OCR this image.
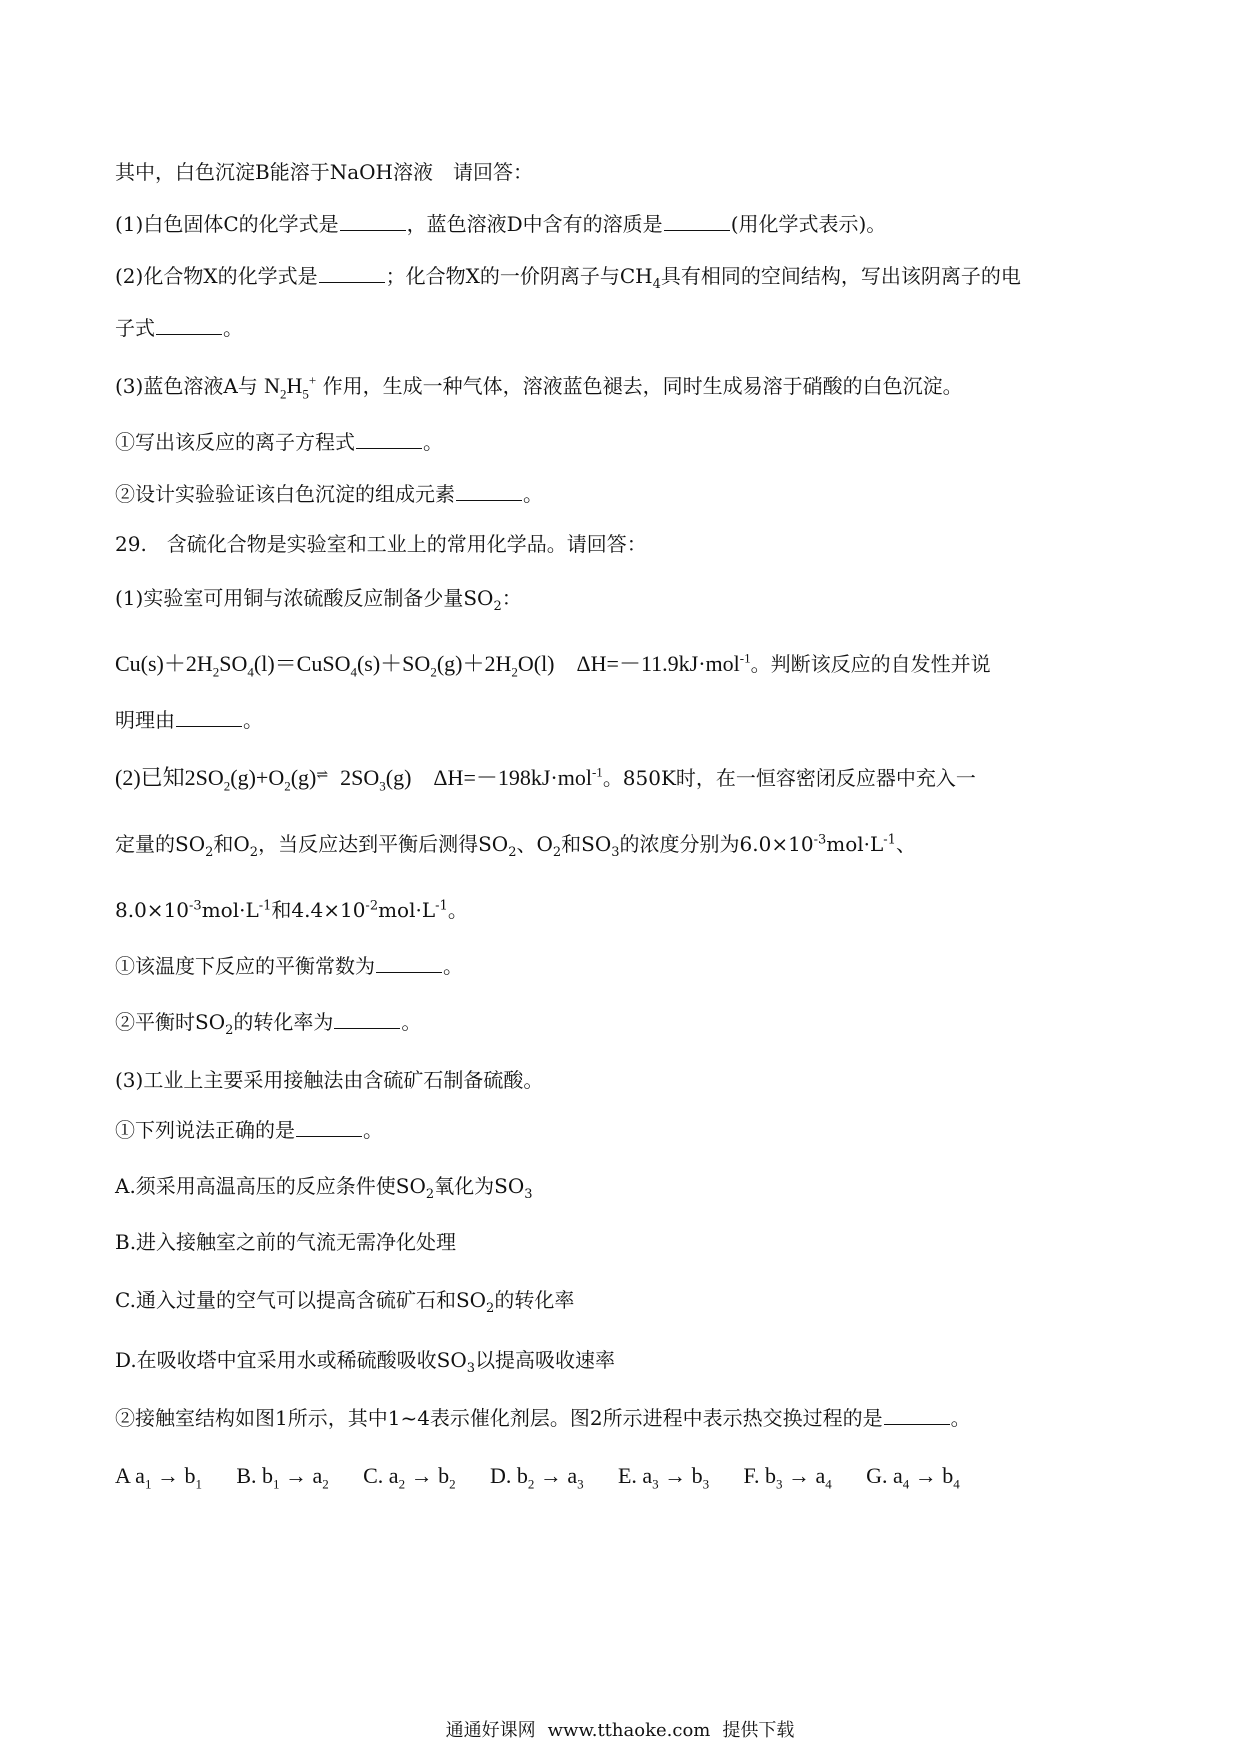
其中，白色沉淀B能溶于NaOH溶液　请回答：
(1)白色固体C的化学式是	，蓝色溶液D中含有的溶质是	(用化学式表示)。
(2)化合物X的化学式是	；化合物X的一价阴离子与$CH_4$具有相同的空间结构，写出该阴离子的电
子式	。
(3)蓝色溶液A与 $N_2H_5^+$ 作用，生成一种气体，溶液蓝色褪去，同时生成易溶于硝酸的白色沉淀。
①写出该反应的离子方程式	。
②设计实验验证该白色沉淀的组成元素	。
29.　含硫化合物是实验室和工业上的常用化学品。请回答：
(1)实验室可用铜与浓硫酸反应制备少量$SO_2$：
$Cu(s)+2H_2SO_4(l)=CuSO_4(s)+SO_2(g)+2H_2O(l)$ ΔH=－11.9kJ·mol$^{-1}$。判断该反应的自发性并说
明理由	。
(2)已知$2SO_2(g)+O_2(g)\rightleftharpoons$ $2SO_3(g)$ ΔH=－198kJ·mol$^{-1}$。850K时，在一恒容密闭反应器中充入一
定量的$SO_2$和$O_2$，当反应达到平衡后测得$SO_2$、$O_2$和$SO_3$的浓度分别为$6.0\times 10^{-3}mol\cdot L^{-1}$、
$8.0\times 10^{-3}mol\cdot L^{-1}$和$4.4\times 10^{-2}mol\cdot L^{-1}$。
①该温度下反应的平衡常数为	。
②平衡时$SO_2$的转化率为	。
(3)工业上主要采用接触法由含硫矿石制备硫酸。
①下列说法正确的是	。
A.须采用高温高压的反应条件使$SO_2$氧化为$SO_3$
B.进入接触室之前的气流无需净化处理
C.通入过量的空气可以提高含硫矿石和$SO_2$的转化率
D.在吸收塔中宜采用水或稀硫酸吸收$SO_3$以提高吸收速率
②接触室结构如图1所示，其中1~4表示催化剂层。图2所示进程中表示热交换过程的是	。
A $a_1 \to b_1$ B. $b_1 \to a_2$ C. $a_2 \to b_2$ D. $b_2 \to a_3$ E. $a_3 \to b_3$ F. $b_3 \to a_4$ G. $a_4 \to b_4$
通通好课网 www.tthaoke.com 提供下载
